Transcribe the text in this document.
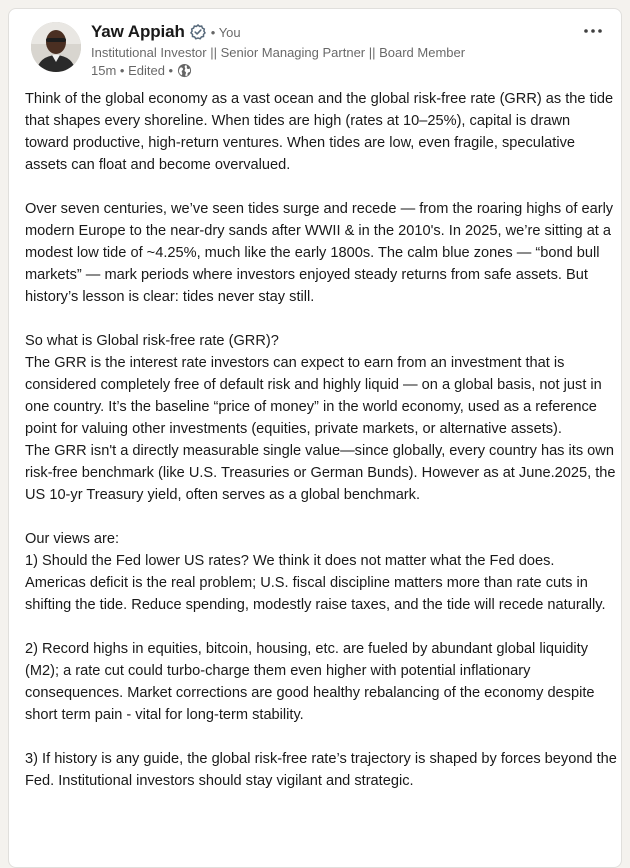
Yaw Appiah • You
Institutional Investor || Senior Managing Partner || Board Member
15m • Edited •

Think of the global economy as a vast ocean and the global risk-free rate (GRR) as the tide that shapes every shoreline. When tides are high (rates at 10–25%), capital is drawn toward productive, high-return ventures. When tides are low, even fragile, speculative assets can float and become overvalued.

Over seven centuries, we’ve seen tides surge and recede — from the roaring highs of early modern Europe to the near-dry sands after WWII & in the 2010's. In 2025, we’re sitting at a modest low tide of ~4.25%, much like the early 1800s. The calm blue zones — “bond bull markets” — mark periods where investors enjoyed steady returns from safe assets. But history’s lesson is clear: tides never stay still.

So what is Global risk-free rate (GRR)?

The GRR is the interest rate investors can expect to earn from an investment that is considered completely free of default risk and highly liquid — on a global basis, not just in one country. It’s the baseline “price of money” in the world economy, used as a reference point for valuing other investments (equities, private markets, or alternative assets).

The GRR isn't a directly measurable single value—since globally, every country has its own risk-free benchmark (like U.S. Treasuries or German Bunds). However as at June.2025, the US 10-yr Treasury yield, often serves as a global benchmark.

Our views are:

1) Should the Fed lower US rates? We think it does not matter what the Fed does. Americas deficit is the real problem; U.S. fiscal discipline matters more than rate cuts in shifting the tide. Reduce spending, modestly raise taxes, and the tide will recede naturally.

2) Record highs in equities, bitcoin, housing, etc. are fueled by abundant global liquidity (M2); a rate cut could turbo-charge them even higher with potential inflationary consequences. Market corrections are good healthy rebalancing of the economy despite short term pain - vital for long-term stability.

3) If history is any guide, the global risk-free rate’s trajectory is shaped by forces beyond the Fed. Institutional investors should stay vigilant and strategic.
